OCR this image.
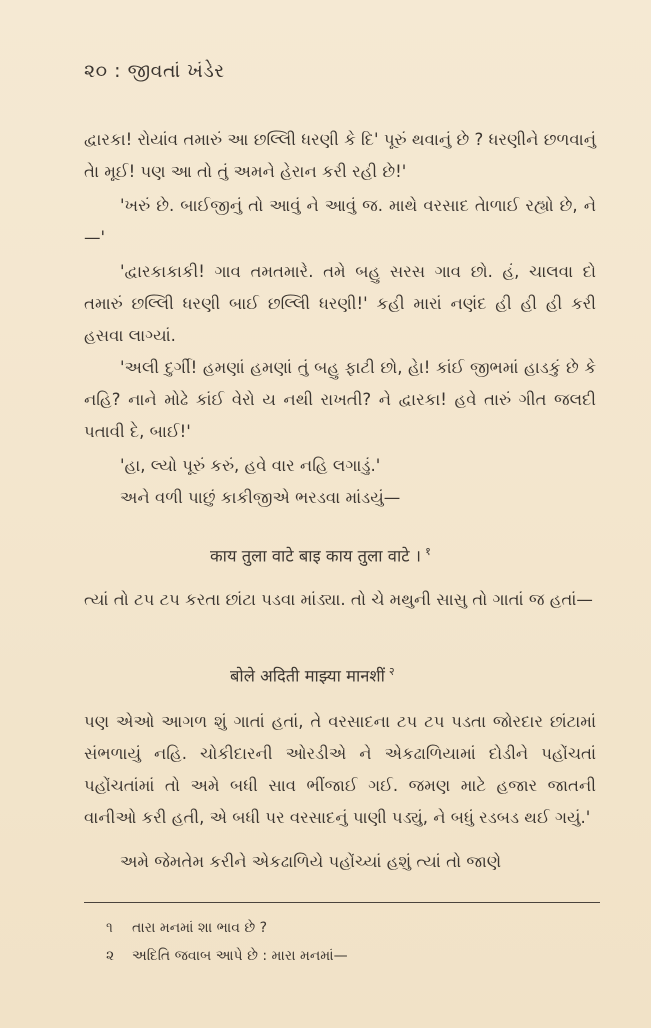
૨૦ : જીવતાં ખંડેર

દ્વારકા! રોયાંવ તમારું આ છલ્લિી ધરણી કે દિ' પૂરું થવાનું છે ? ધરણીને છળવાનું તેા મૂઈ! પણ આ તો તું અમને હેરાન કરી રહી છે!'

'ખરું છે. બાઈજીનું તો આવું ને આવું જ. માથે વરસાદ તેાળાઈ રહ્યો છે, ને—'

'દ્વારકાકાકી! ગાવ તમતમારે. તમે બહુ સરસ ગાવ છો. હં, ચાલવા દો તમારું છલ્લિી ધરણી બાઈ છલ્લિી ધરણી!' કહી મારાં નણંદ હી હી હી કરી હસવા લાગ્યાં.

'અલી દુર્ગી! હમણાં હમણાં તું બહુ ફાટી છો, હેા! કાંઈ જીભમાં હાડકું છે કે નહિ? નાને મોઢે કાંઈ વેરો ય નથી રાખતી? ને દ્વારકા! હવે તારું ગીત જલદી પતાવી દે, બાઈ!'

'હા, લ્યો પૂરું કરું, હવે વાર નહિ લગાડું.'

અને વળી પાછું કાકીજીએ ભરડવા માંડયું—

काय तुला वाटे बाइ काय तुला वाटे । $^१$

ત્યાં તો ટપ ટપ કરતા છાંટા પડવા માંડ્યા. તો ચે મથુની સાસુ તો ગાતાં જ હતાં—

बोले अदिती माझ्या मानशीं $^२$

પણ એઓ આગળ શું ગાતાં હતાં, તે વરસાદના ટપ ટપ પડતા જોરદાર છાંટામાં સંભળાયું નહિ. ચોકીદારની ઓરડીએ ને એકઢાળિયામાં દોડીને પહોંચતાં પહોંચતાંમાં તો અમે બધી સાવ ભીંજાઈ ગઈ. જમણ માટે હજાર જાતની વાનીઓ કરી હતી, એ બધી પર વરસાદનું પાણી પડ્યું, ને બધું રડબડ થઈ ગયું.'

અમે જેમતેમ કરીને એકઢાળિયે પહોંચ્યાં હશું ત્યાં તો જાણે

૧ તારા મનમાં શા ભાવ છે ?
૨ અદિતિ જવાબ આપે છે : મારા મનમાં—
